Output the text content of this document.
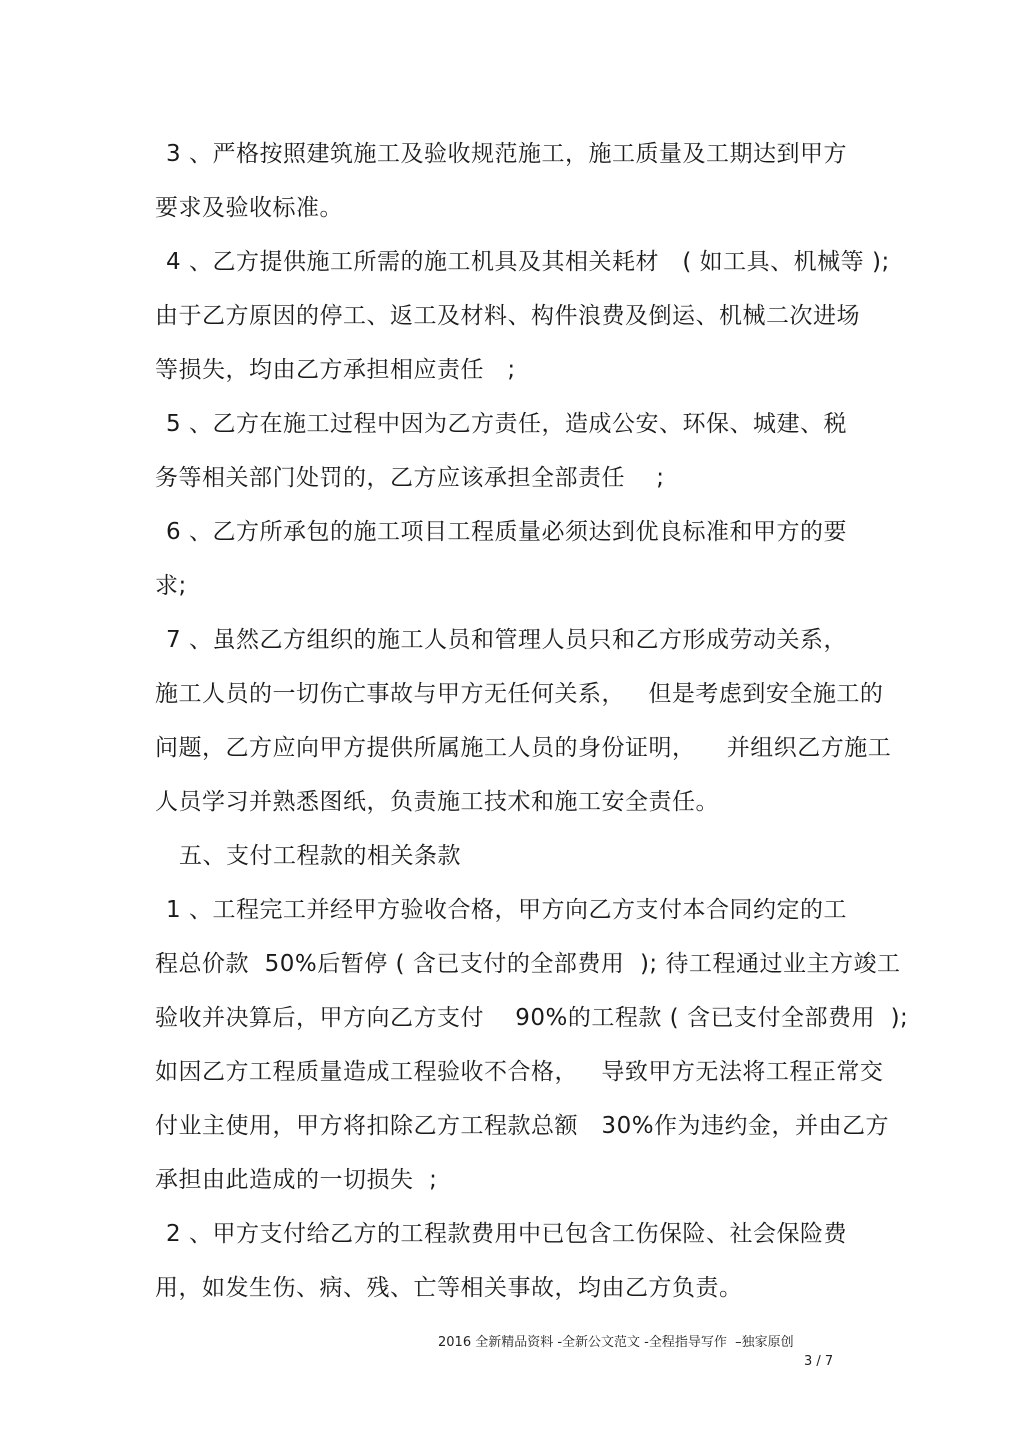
3 、严格按照建筑施工及验收规范施工，施工质量及工期达到甲方
要求及验收标准。
4 、乙方提供施工所需的施工机具及其相关耗材   ( 如工具、机械等 );
由于乙方原因的停工、返工及材料、构件浪费及倒运、机械二次进场
等损失，均由乙方承担相应责任   ;
5 、乙方在施工过程中因为乙方责任，造成公安、环保、城建、税
务等相关部门处罚的，乙方应该承担全部责任    ;
6 、乙方所承包的施工项目工程质量必须达到优良标准和甲方的要
求;
7 、虽然乙方组织的施工人员和管理人员只和乙方形成劳动关系，
施工人员的一切伤亡事故与甲方无任何关系，   但是考虑到安全施工的
问题，乙方应向甲方提供所属施工人员的身份证明，    并组织乙方施工
人员学习并熟悉图纸，负责施工技术和施工安全责任。
五、支付工程款的相关条款
1 、工程完工并经甲方验收合格，甲方向乙方支付本合同约定的工
程总价款  50%后暂停 ( 含已支付的全部费用  ); 待工程通过业主方竣工
验收并决算后，甲方向乙方支付    90%的工程款 ( 含已支付全部费用  );
如因乙方工程质量造成工程验收不合格，   导致甲方无法将工程正常交
付业主使用，甲方将扣除乙方工程款总额   30%作为违约金，并由乙方
承担由此造成的一切损失  ;
2 、甲方支付给乙方的工程款费用中已包含工伤保险、社会保险费
用，如发生伤、病、残、亡等相关事故，均由乙方负责。
2016 全新精品资料 -全新公文范文 -全程指导写作  –独家原创
3 / 7
